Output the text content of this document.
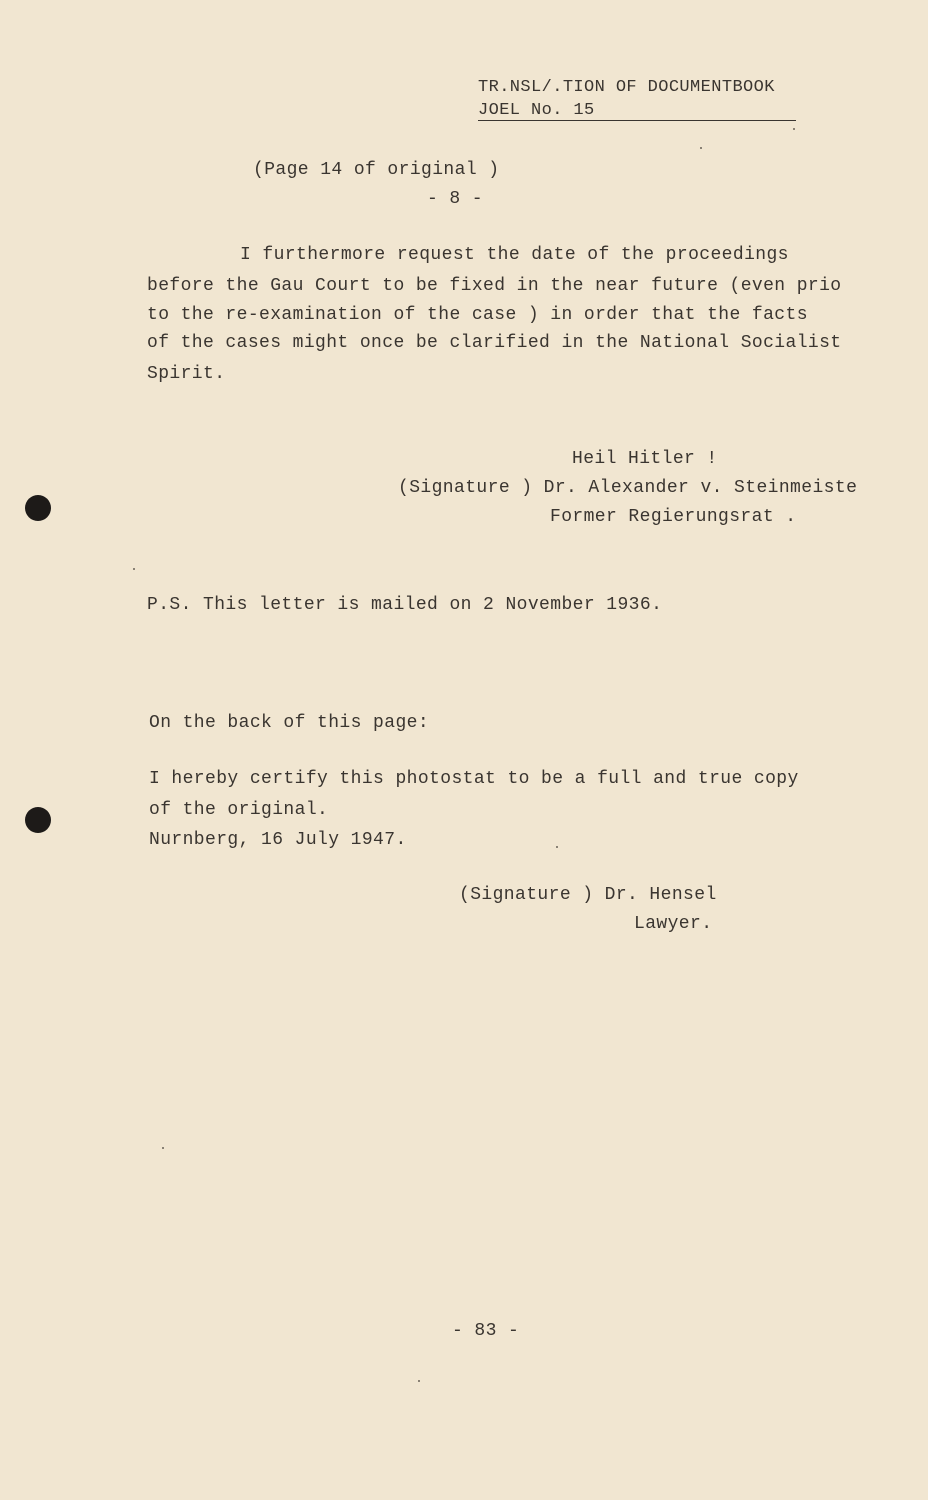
TR.NSL/.TION OF DOCUMENTBOOK
JOEL No. 15
(Page 14 of original )
- 8 -
I furthermore request the date of the proceedings
before the Gau Court to be fixed in the near future (even prio
to the re-examination of the case ) in order that the facts
of the cases might once be clarified in the National Socialist
Spirit.
Heil Hitler !
(Signature ) Dr. Alexander v. Steinmeiste
Former Regierungsrat .
P.S. This letter is mailed on 2 November 1936.
On the back of this page:
I hereby certify this photostat to be a full and true copy
of the original.
Nurnberg, 16 July 1947.
(Signature ) Dr. Hensel
Lawyer.
- 83 -
